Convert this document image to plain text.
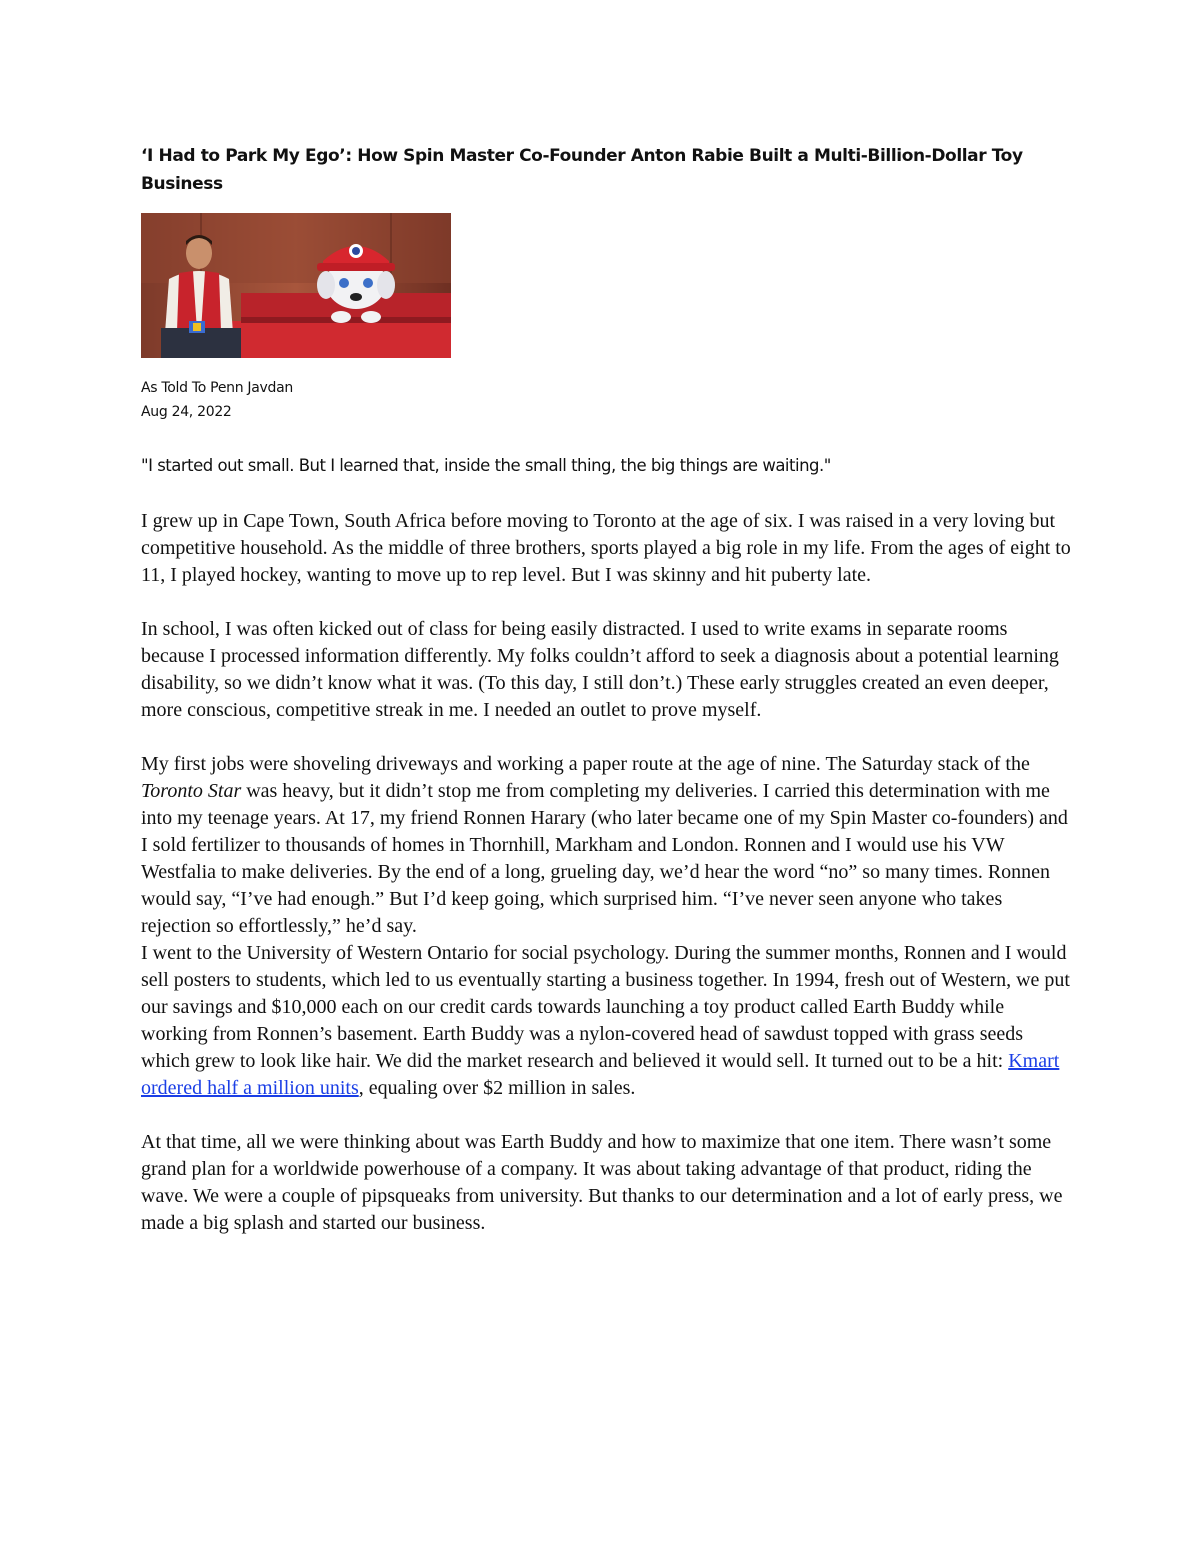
‘I Had to Park My Ego’: How Spin Master Co-Founder Anton Rabie Built a Multi-Billion-Dollar Toy Business
As Told To Penn Javdan
Aug 24, 2022

"I started out small. But I learned that, inside the small thing, the big things are waiting."

I grew up in Cape Town, South Africa before moving to Toronto at the age of six. I was raised in a very loving but competitive household. As the middle of three brothers, sports played a big role in my life. From the ages of eight to 11, I played hockey, wanting to move up to rep level. But I was skinny and hit puberty late.

In school, I was often kicked out of class for being easily distracted. I used to write exams in separate rooms because I processed information differently. My folks couldn’t afford to seek a diagnosis about a potential learning disability, so we didn’t know what it was. (To this day, I still don’t.) These early struggles created an even deeper, more conscious, competitive streak in me. I needed an outlet to prove myself.

My first jobs were shoveling driveways and working a paper route at the age of nine. The Saturday stack of the Toronto Star was heavy, but it didn’t stop me from completing my deliveries. I carried this determination with me into my teenage years. At 17, my friend Ronnen Harary (who later became one of my Spin Master co-founders) and I sold fertilizer to thousands of homes in Thornhill, Markham and London. Ronnen and I would use his VW Westfalia to make deliveries. By the end of a long, grueling day, we’d hear the word “no” so many times. Ronnen would say, “I’ve had enough.” But I’d keep going, which surprised him. “I’ve never seen anyone who takes rejection so effortlessly,” he’d say.

I went to the University of Western Ontario for social psychology. During the summer months, Ronnen and I would sell posters to students, which led to us eventually starting a business together. In 1994, fresh out of Western, we put our savings and $10,000 each on our credit cards towards launching a toy product called Earth Buddy while working from Ronnen’s basement. Earth Buddy was a nylon-covered head of sawdust topped with grass seeds which grew to look like hair. We did the market research and believed it would sell. It turned out to be a hit: Kmart ordered half a million units, equaling over $2 million in sales.

At that time, all we were thinking about was Earth Buddy and how to maximize that one item. There wasn’t some grand plan for a worldwide powerhouse of a company. It was about taking advantage of that product, riding the wave. We were a couple of pipsqueaks from university. But thanks to our determination and a lot of early press, we made a big splash and started our business.
